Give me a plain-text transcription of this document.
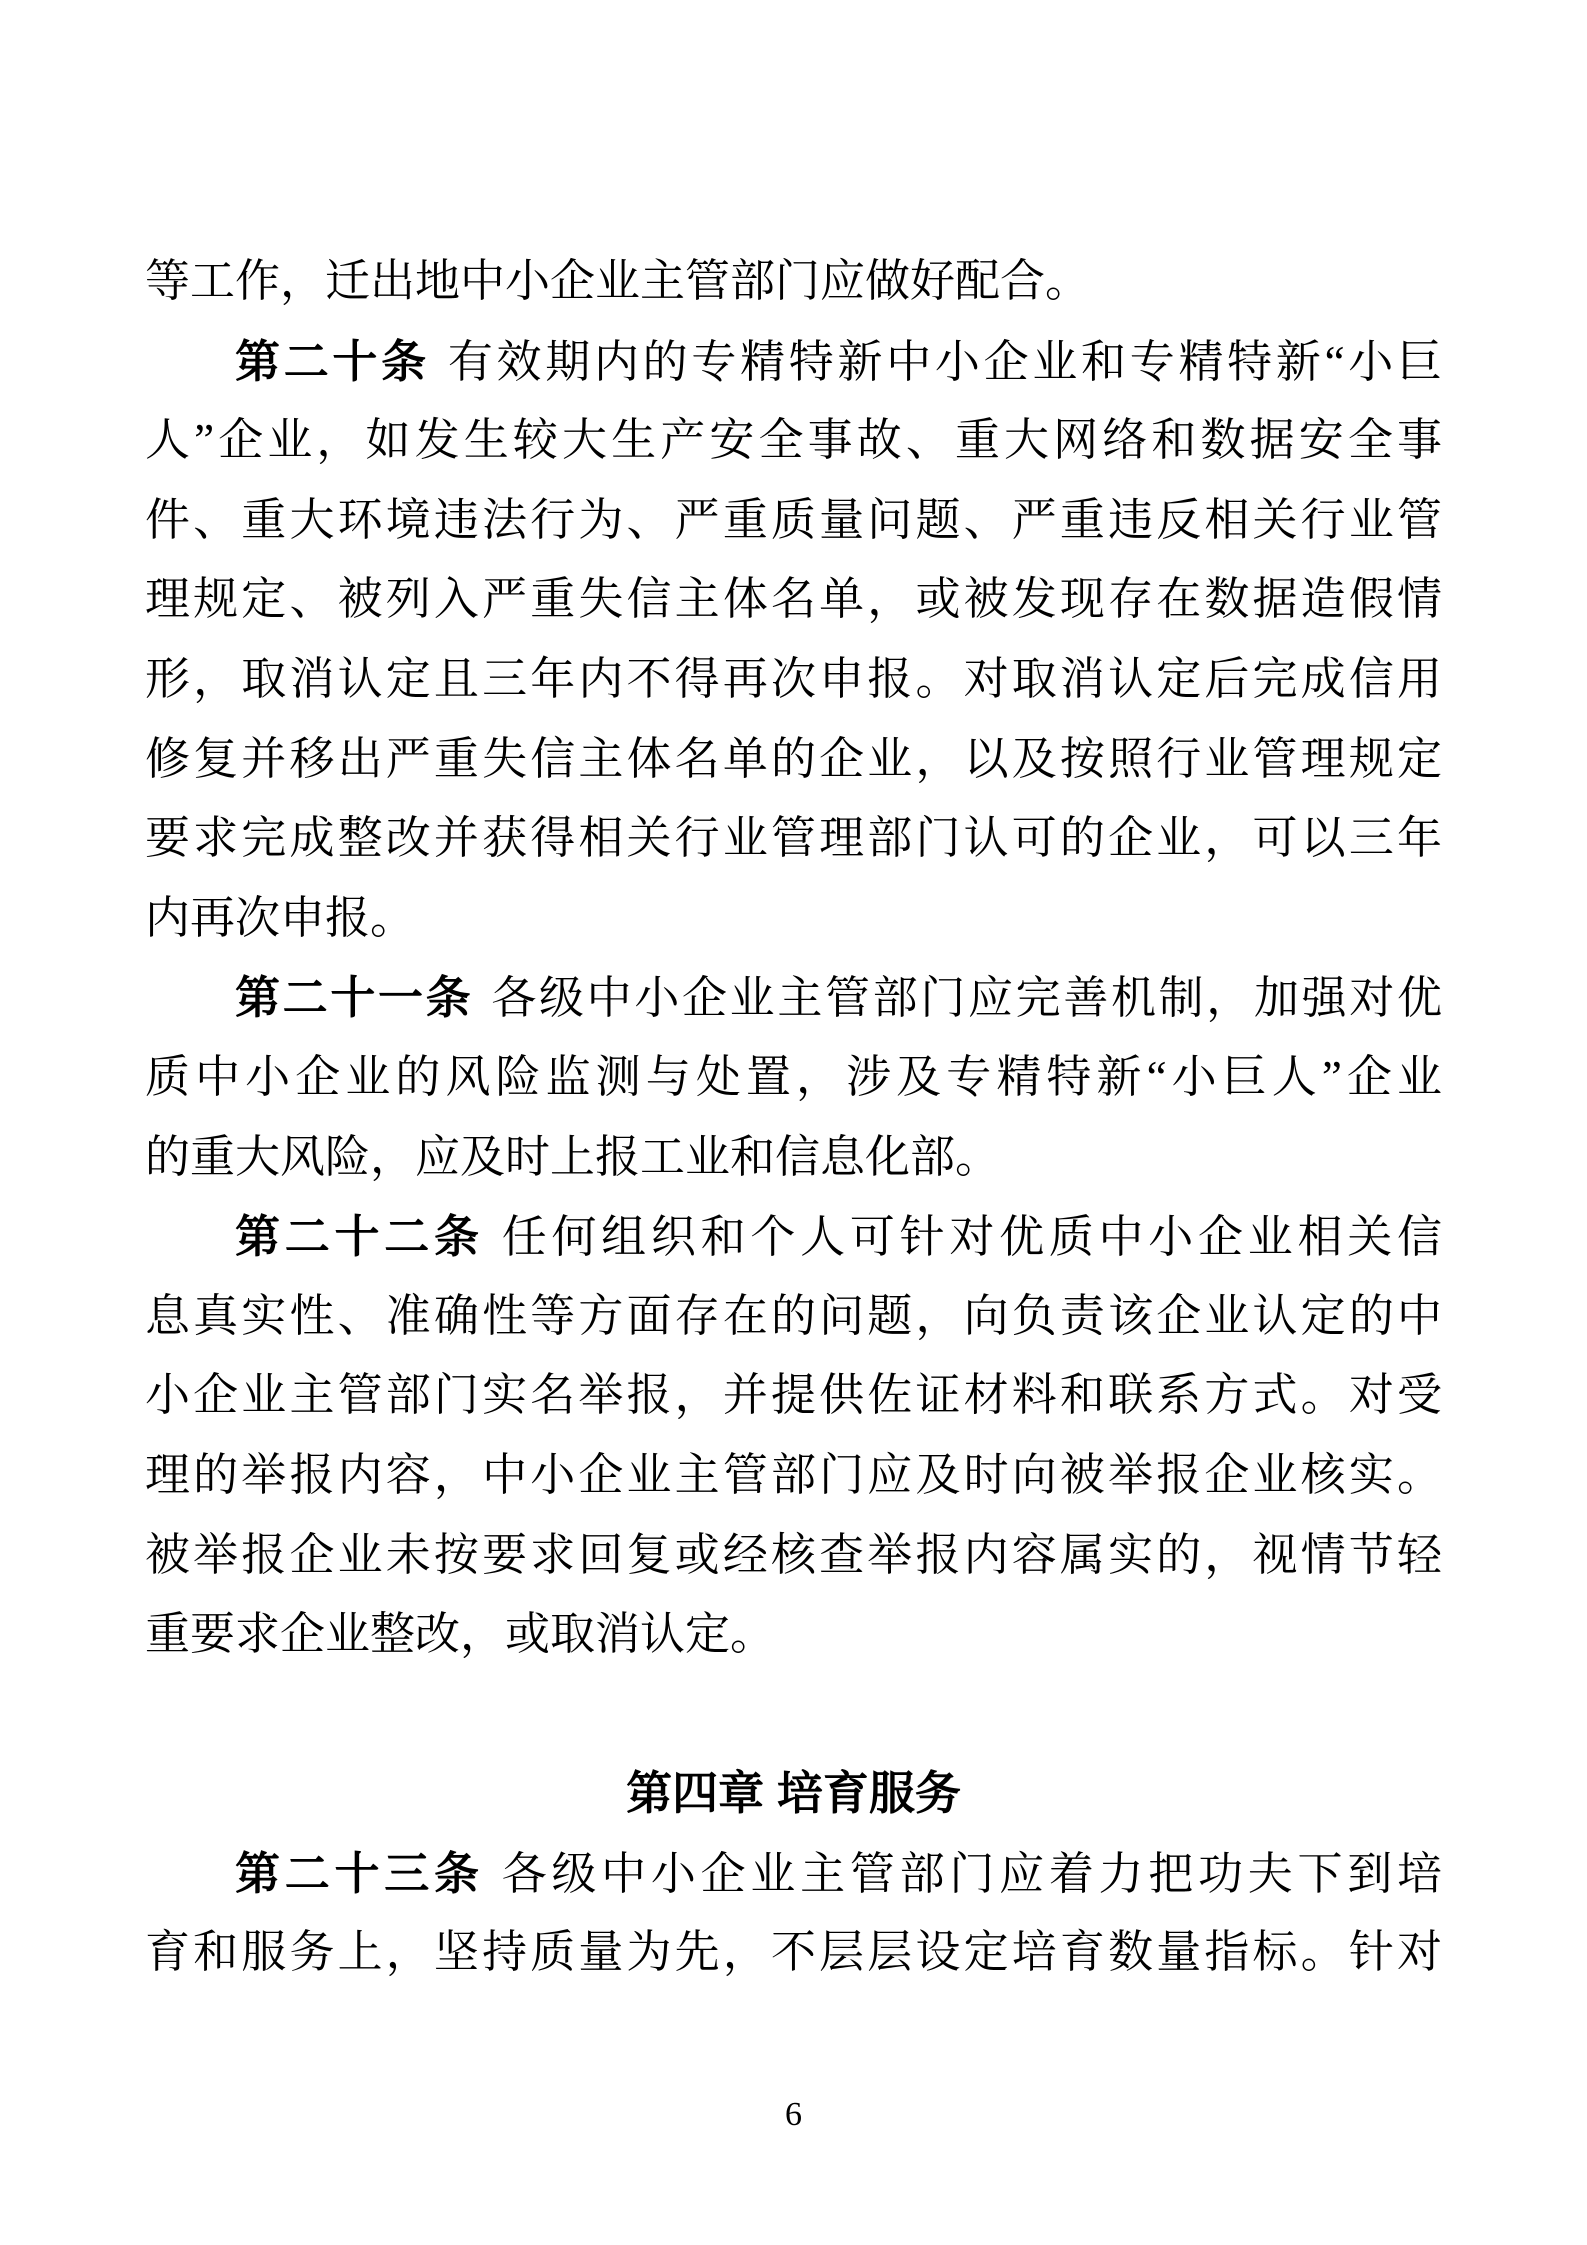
等工作，迁出地中小企业主管部门应做好配合。
第二十条 有效期内的专精特新中小企业和专精特新“小巨
人”企业，如发生较大生产安全事故、重大网络和数据安全事
件、重大环境违法行为、严重质量问题、严重违反相关行业管
理规定、被列入严重失信主体名单，或被发现存在数据造假情
形，取消认定且三年内不得再次申报。对取消认定后完成信用
修复并移出严重失信主体名单的企业，以及按照行业管理规定
要求完成整改并获得相关行业管理部门认可的企业，可以三年
内再次申报。
第二十一条 各级中小企业主管部门应完善机制，加强对优
质中小企业的风险监测与处置，涉及专精特新“小巨人”企业
的重大风险，应及时上报工业和信息化部。
第二十二条 任何组织和个人可针对优质中小企业相关信
息真实性、准确性等方面存在的问题，向负责该企业认定的中
小企业主管部门实名举报，并提供佐证材料和联系方式。对受
理的举报内容，中小企业主管部门应及时向被举报企业核实。
被举报企业未按要求回复或经核查举报内容属实的，视情节轻
重要求企业整改，或取消认定。
第四章 培育服务
第二十三条 各级中小企业主管部门应着力把功夫下到培
育和服务上，坚持质量为先，不层层设定培育数量指标。针对
6
